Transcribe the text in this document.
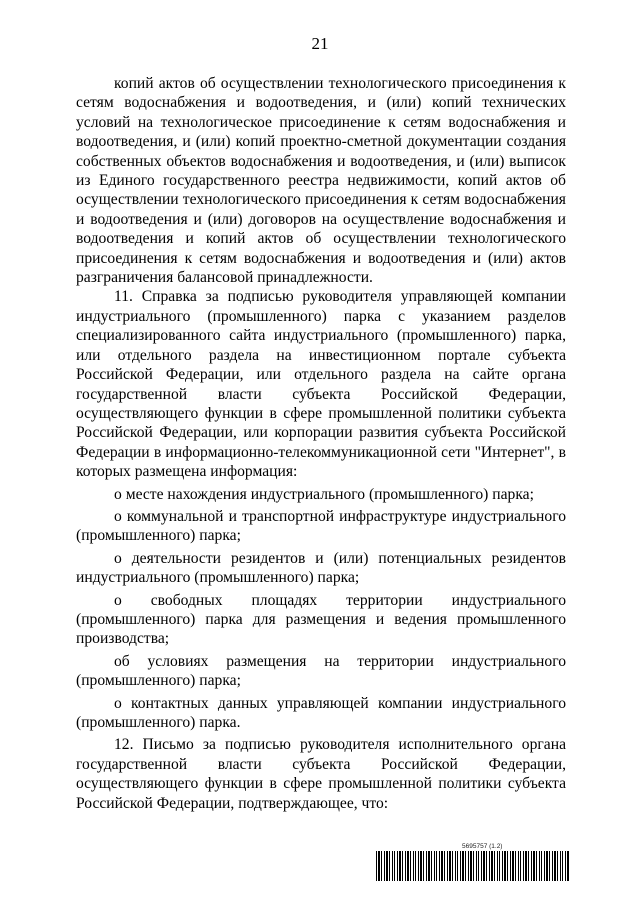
21

копий актов об осуществлении технологического присоединения к сетям водоснабжения и водоотведения, и (или) копий технических условий на технологическое присоединение к сетям водоснабжения и водоотведения, и (или) копий проектно-сметной документации создания собственных объектов водоснабжения и водоотведения, и (или) выписок из Единого государственного реестра недвижимости, копий актов об осуществлении технологического присоединения к сетям водоснабжения и водоотведения и (или) договоров на осуществление водоснабжения и водоотведения и копий актов об осуществлении технологического присоединения к сетям водоснабжения и водоотведения и (или) актов разграничения балансовой принадлежности.

11. Справка за подписью руководителя управляющей компании индустриального (промышленного) парка с указанием разделов специализированного сайта индустриального (промышленного) парка, или отдельного раздела на инвестиционном портале субъекта Российской Федерации, или отдельного раздела на сайте органа государственной власти субъекта Российской Федерации, осуществляющего функции в сфере промышленной политики субъекта Российской Федерации, или корпорации развития субъекта Российской Федерации в информационно-телекоммуникационной сети "Интернет", в которых размещена информация:

о месте нахождения индустриального (промышленного) парка;

о коммунальной и транспортной инфраструктуре индустриального (промышленного) парка;

о деятельности резидентов и (или) потенциальных резидентов индустриального (промышленного) парка;

о свободных площадях территории индустриального (промышленного) парка для размещения и ведения промышленного производства;

об условиях размещения на территории индустриального (промышленного) парка;

о контактных данных управляющей компании индустриального (промышленного) парка.

12. Письмо за подписью руководителя исполнительного органа государственной власти субъекта Российской Федерации, осуществляющего функции в сфере промышленной политики субъекта Российской Федерации, подтверждающее, что:

5695757 (1.2)
